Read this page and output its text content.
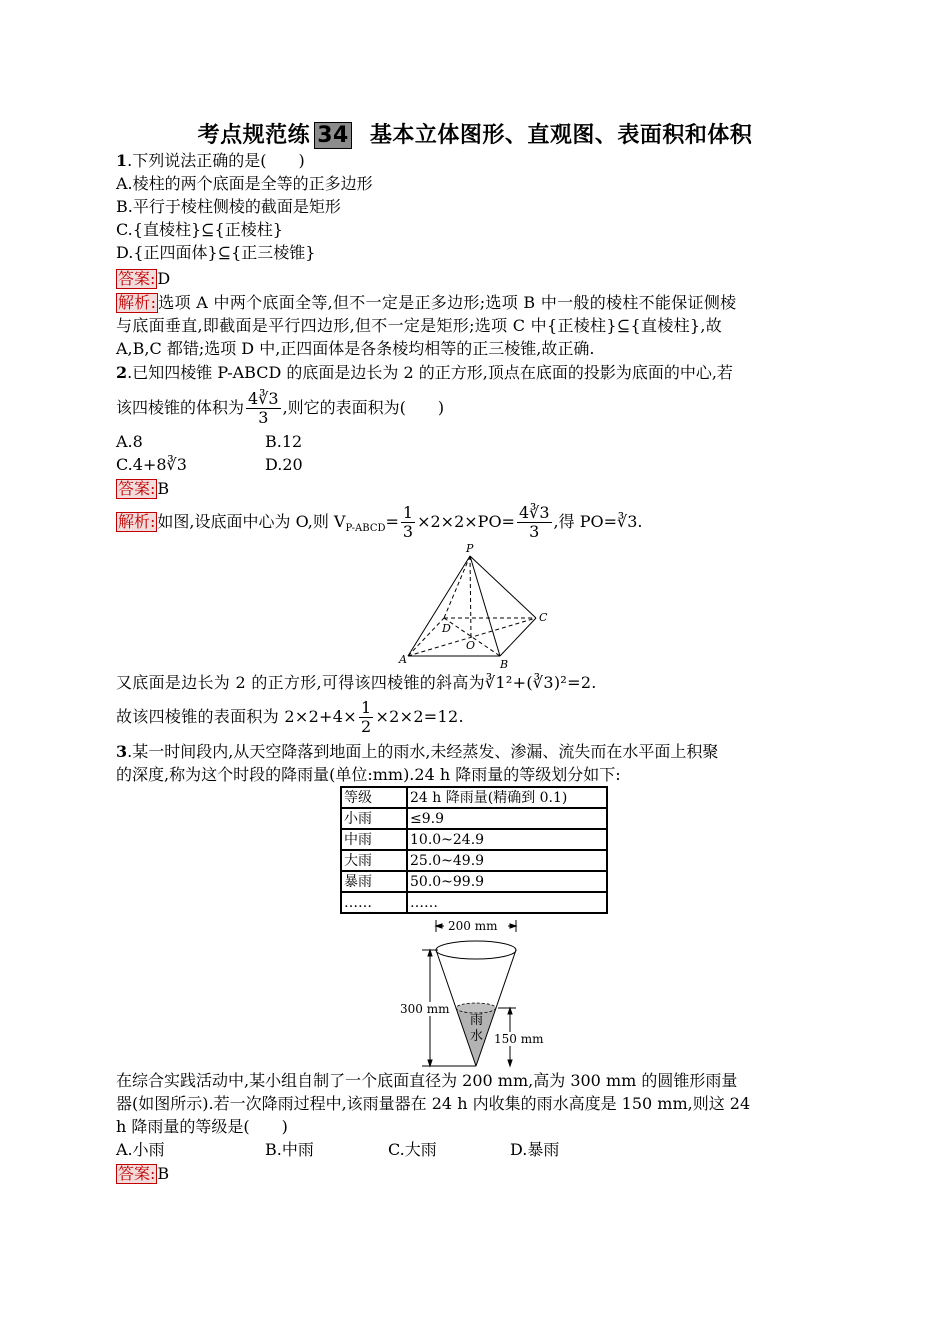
考点规范练 34 基本立体图形、直观图、表面积和体积
1.下列说法正确的是(　　)
A.棱柱的两个底面是全等的正多边形
B.平行于棱柱侧棱的截面是矩形
C.{直棱柱}⊆{正棱柱}
D.{正四面体}⊆{正三棱锥}
答案: D
解析: 选项 A 中两个底面全等,但不一定是正多边形;选项 B 中一般的棱柱不能保证侧棱
与底面垂直,即截面是平行四边形,但不一定是矩形;选项 C 中{正棱柱}⊆{直棱柱},故
A,B,C 都错;选项 D 中,正四面体是各条棱均相等的正三棱锥,故正确.
2.已知四棱锥 P-ABCD 的底面是边长为 2 的正方形,顶点在底面的投影为底面的中心,若
该四棱锥的体积为 $\frac{4∛3}{3}$ ,则它的表面积为(　　)
A.8	B.12
C.4+8∛3	D.20
答案: B
解析: 如图,设底面中心为 O,则 $V_{P-ABCD}= \frac{1}{3} \times 2\times 2\times PO= \frac{4∛3}{3}$ ,得 PO=∛3.
P
A	B
C
D
O
又底面是边长为 2 的正方形,可得该四棱锥的斜高为∛1²+(∛3)²=2.
故该四棱锥的表面积为 $2\times 2+4\times \frac{1}{2} \times 2\times 2=12$.
3.某一时间段内,从天空降落到地面上的雨水,未经蒸发、渗漏、流失而在水平面上积聚
的深度,称为这个时段的降雨量(单位:mm).24 h 降雨量的等级划分如下:
等级	24 h 降雨量(精确到 0.1)
小雨	≤9.9
中雨	10.0~24.9
大雨	25.0~49.9
暴雨	50.0~99.9
……	……
200 mm
300 mm
150 mm
雨
水
在综合实践活动中,某小组自制了一个底面直径为 200 mm,高为 300 mm 的圆锥形雨量
器(如图所示).若一次降雨过程中,该雨量器在 24 h 内收集的雨水高度是 150 mm,则这 24
h 降雨量的等级是(　　)
A.小雨	B.中雨	C.大雨	D.暴雨
答案: B
